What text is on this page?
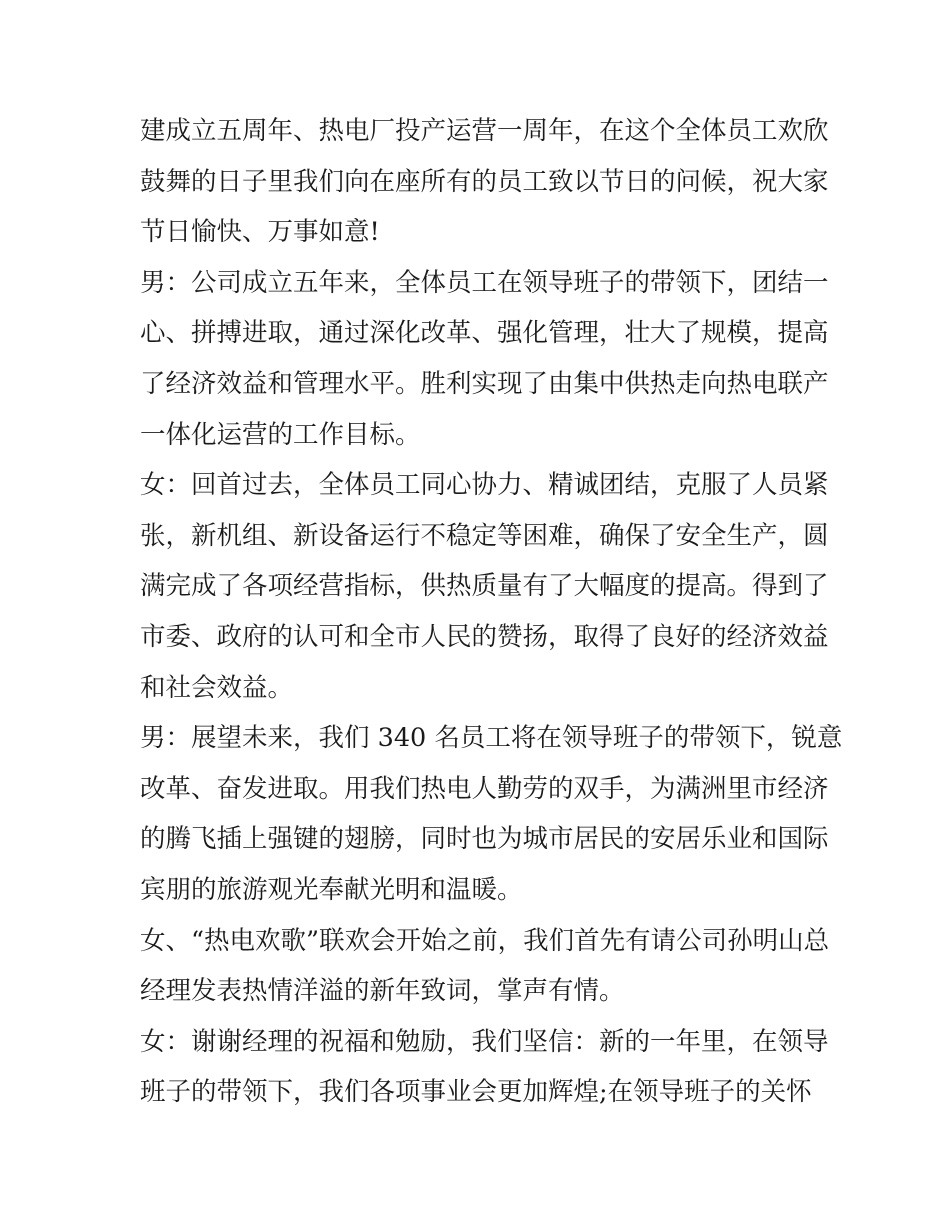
建成立五周年、热电厂投产运营一周年，在这个全体员工欢欣
鼓舞的日子里我们向在座所有的员工致以节日的问候，祝大家
节日愉快、万事如意!
男：公司成立五年来，全体员工在领导班子的带领下，团结一
心、拼搏进取，通过深化改革、强化管理，壮大了规模，提高
了经济效益和管理水平。胜利实现了由集中供热走向热电联产
一体化运营的工作目标。
女：回首过去，全体员工同心协力、精诚团结，克服了人员紧
张，新机组、新设备运行不稳定等困难，确保了安全生产，圆
满完成了各项经营指标，供热质量有了大幅度的提高。得到了
市委、政府的认可和全市人民的赞扬，取得了良好的经济效益
和社会效益。
男：展望未来，我们 340 名员工将在领导班子的带领下，锐意
改革、奋发进取。用我们热电人勤劳的双手，为满洲里市经济
的腾飞插上强键的翅膀，同时也为城市居民的安居乐业和国际
宾朋的旅游观光奉献光明和温暖。
女、“热电欢歌”联欢会开始之前，我们首先有请公司孙明山总
经理发表热情洋溢的新年致词，掌声有情。
女：谢谢经理的祝福和勉励，我们坚信：新的一年里，在领导
班子的带领下，我们各项事业会更加辉煌;在领导班子的关怀
